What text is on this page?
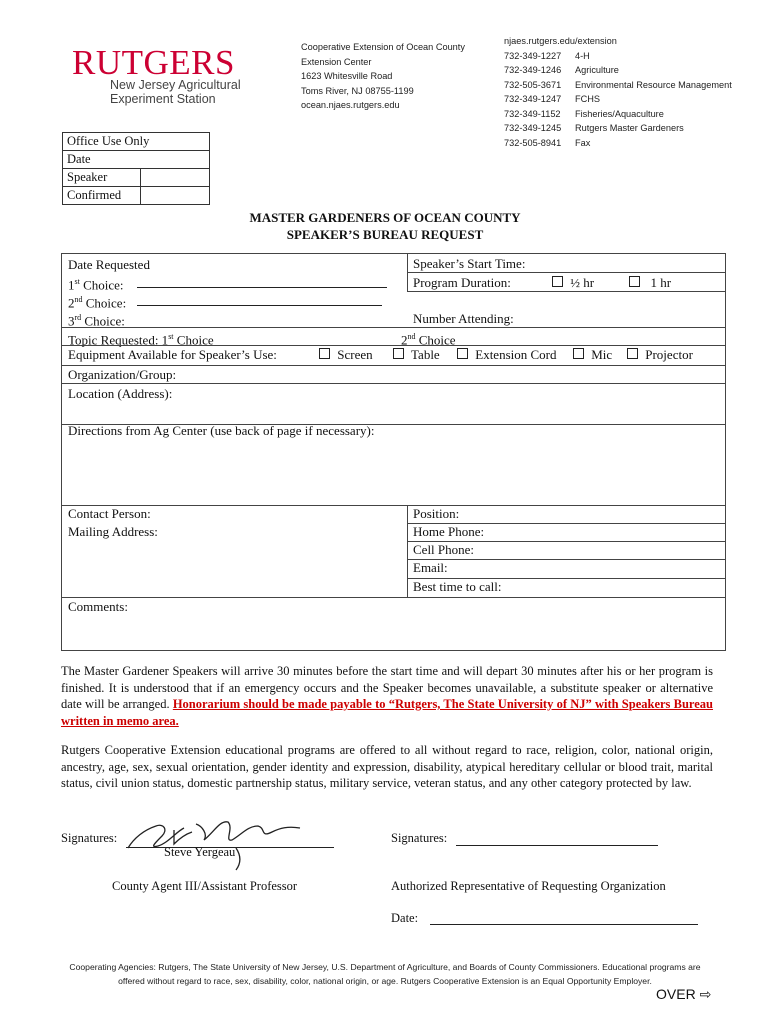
RUTGERS
New Jersey Agricultural
Experiment Station
Cooperative Extension of Ocean County
Extension Center
1623 Whitesville Road
Toms River, NJ 08755-1199
ocean.njaes.rutgers.edu
njaes.rutgers.edu/extension
732-349-1227	4-H
732-349-1246	Agriculture
732-505-3671	Environmental Resource Management
732-349-1247	FCHS
732-349-1152	Fisheries/Aquaculture
732-349-1245	Rutgers Master Gardeners
732-505-8941	Fax
Office Use Only
Date
Speaker
Confirmed
MASTER GARDENERS OF OCEAN COUNTY
SPEAKER’S BUREAU REQUEST
Date Requested
1st Choice:
2nd Choice:
3rd Choice:
Speaker’s Start Time:
Program Duration:	½ hr	1 hr
Number Attending:
Topic Requested: 1st Choice	2nd Choice
Equipment Available for Speaker’s Use:	Screen	Table	Extension Cord	Mic	Projector
Organization/Group:
Location (Address):
Directions from Ag Center (use back of page if necessary):
Contact Person:
Mailing Address:
Position:
Home Phone:
Cell Phone:
Email:
Best time to call:
Comments:
The Master Gardener Speakers will arrive 30 minutes before the start time and will depart 30 minutes after his or her program is finished. It is understood that if an emergency occurs and the Speaker becomes unavailable, a substitute speaker or alternative date will be arranged. Honorarium should be made payable to “Rutgers, The State University of NJ” with Speakers Bureau written in memo area.
Rutgers Cooperative Extension educational programs are offered to all without regard to race, religion, color, national origin, ancestry, age, sex, sexual orientation, gender identity and expression, disability, atypical hereditary cellular or blood trait, marital status, civil union status, domestic partnership status, military service, veteran status, and any other category protected by law.
Signatures:
Steve Yergeau
County Agent III/Assistant Professor
Signatures:
Authorized Representative of Requesting Organization
Date:
Cooperating Agencies: Rutgers, The State University of New Jersey, U.S. Department of Agriculture, and Boards of County Commissioners. Educational programs are
offered without regard to race, sex, disability, color, national origin, or age. Rutgers Cooperative Extension is an Equal Opportunity Employer.
OVER ⇨
